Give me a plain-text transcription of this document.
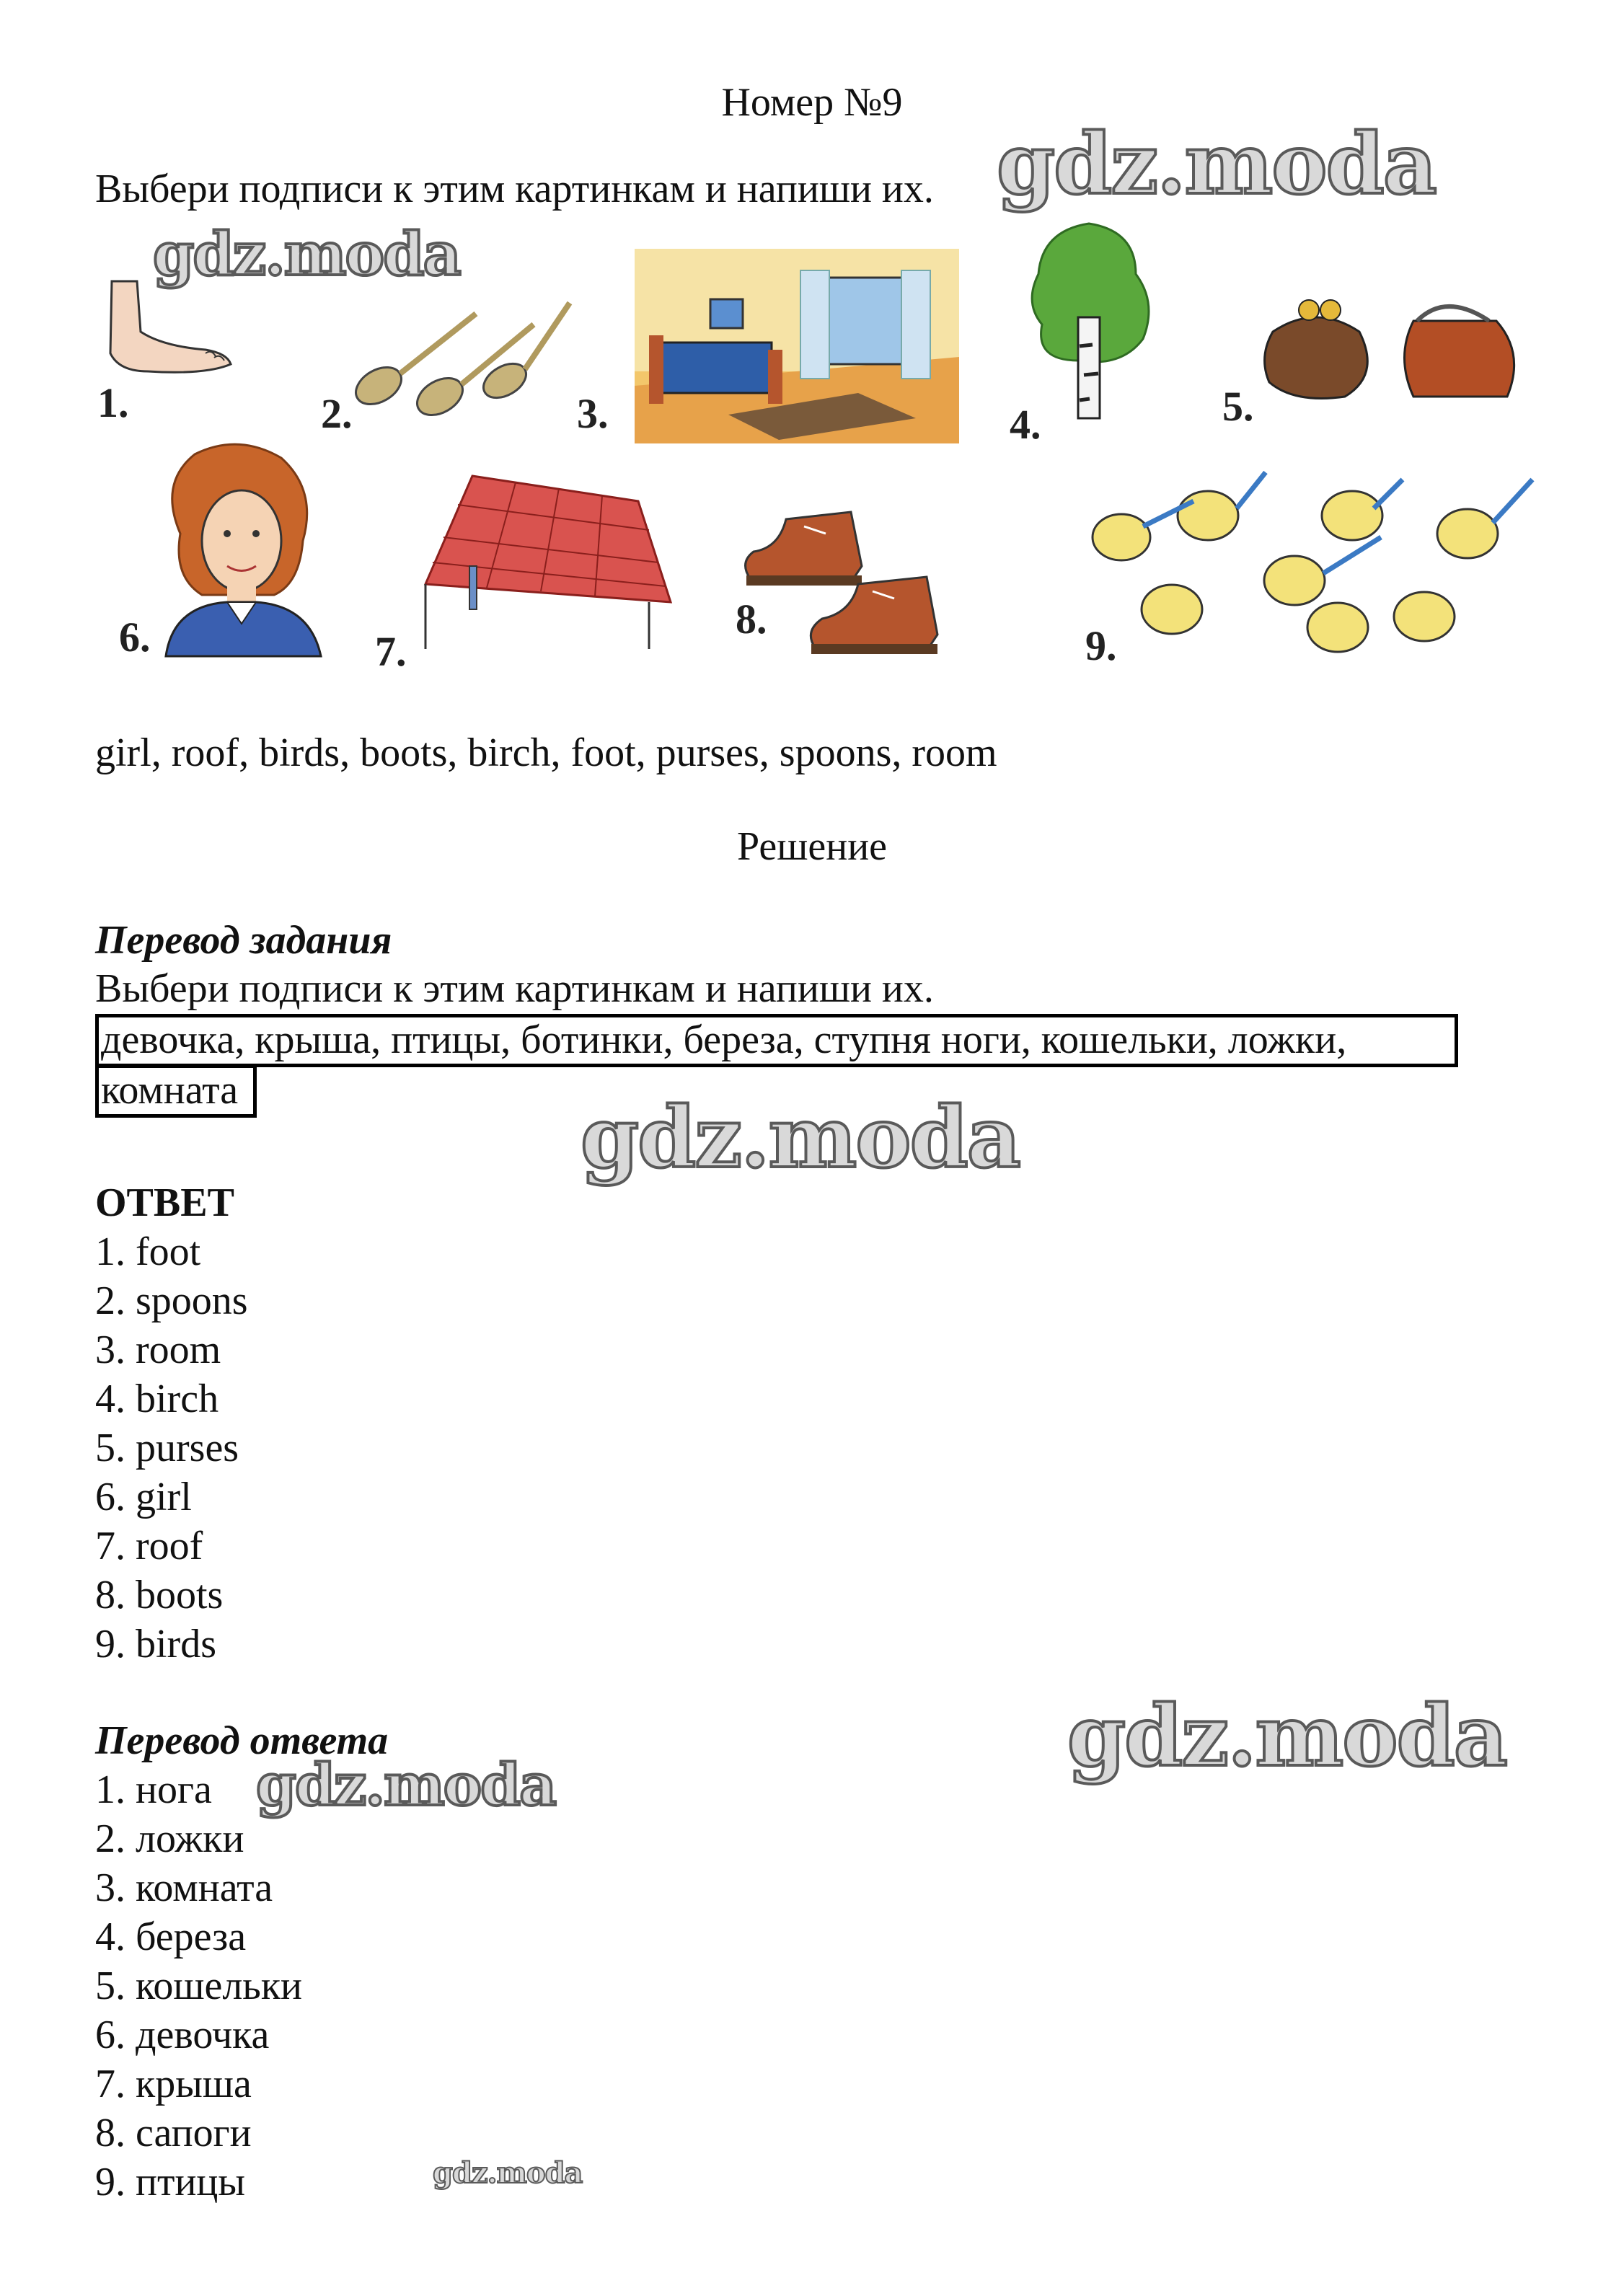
Номер №9
Выбери подписи к этим картинкам и напиши их. gdz.moda
gdz.moda
1.	2.	3.	4.	5.
6.	7.
8.
9.
girl, roof, birds, boots, birch, foot, purses, spoons, room
Решение
Перевод задания
Выбери подписи к этим картинкам и напиши их.
девочка, крыша, птицы, ботинки, береза, ступня ноги, кошельки, ложки,
комната	gdz.moda
ОТВЕТ
1. foot
2. spoons
3. room
4. birch
5. purses
6. girl
7. roof
8. boots
9. birds
gdz.moda
Перевод ответа
gdz.moda
1. нога
2. ложки
3. комната
4. береза
5. кошельки
6. девочка
7. крыша
8. сапоги
9. птицы	gdz.moda
